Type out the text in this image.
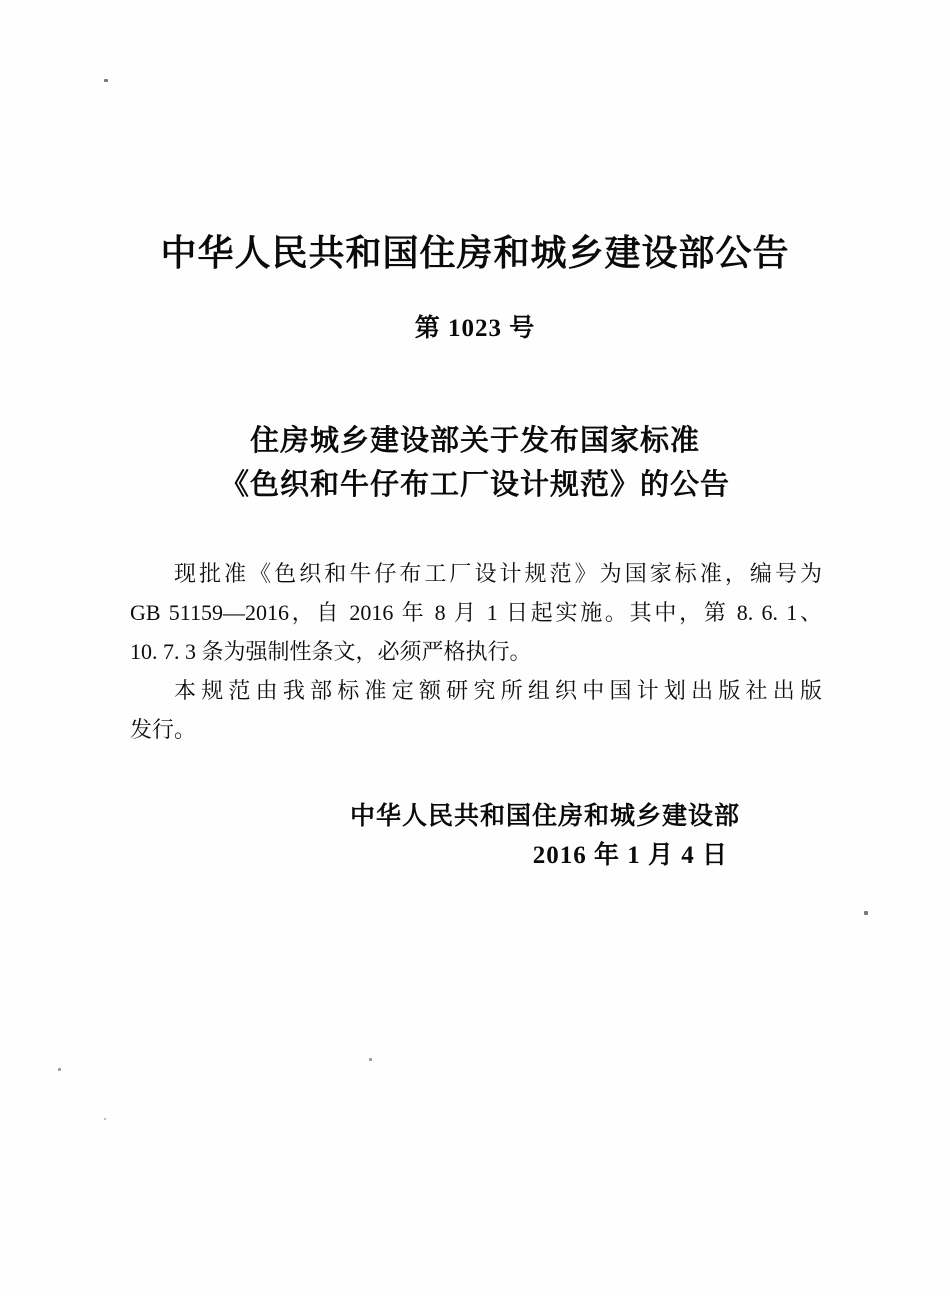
中华人民共和国住房和城乡建设部公告
第 1023 号
住房城乡建设部关于发布国家标准
《色织和牛仔布工厂设计规范》的公告
现批准《色织和牛仔布工厂设计规范》为国家标准，编号为
GB 51159—2016，自 2016 年 8 月 1 日起实施。其中，第 8. 6. 1、
10. 7. 3 条为强制性条文，必须严格执行。
本规范由我部标准定额研究所组织中国计划出版社出版
发行。
中华人民共和国住房和城乡建设部
2016 年 1 月 4 日
